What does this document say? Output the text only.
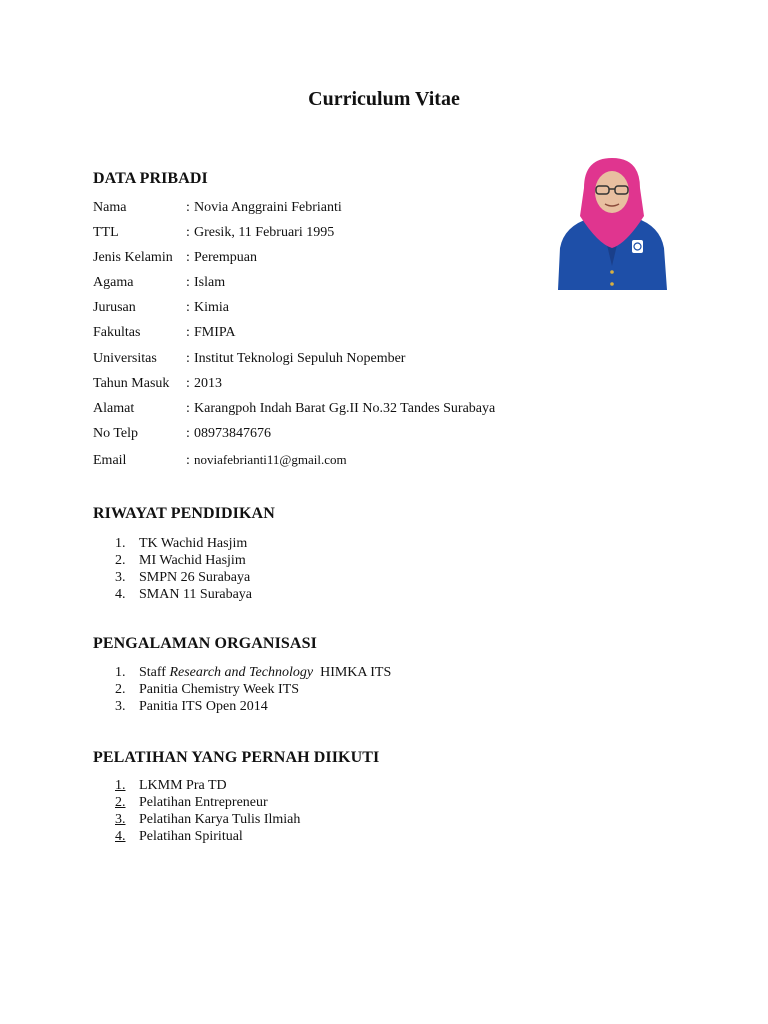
Curriculum Vitae
DATA PRIBADI
Nama	: Novia Anggraini Febrianti
TTL	: Gresik, 11 Februari 1995
Jenis Kelamin : Perempuan
Agama	: Islam
Jurusan	: Kimia
Fakultas	: FMIPA
Universitas : Institut Teknologi Sepuluh Nopember
Tahun Masuk : 2013
Alamat	: Karangpoh Indah Barat Gg.II No.32 Tandes Surabaya
No Telp	: 08973847676
Email	: noviafebrianti11@gmail.com
RIWAYAT PENDIDIKAN
1. TK Wachid Hasjim
2. MI Wachid Hasjim
3. SMPN 26 Surabaya
4. SMAN 11 Surabaya
PENGALAMAN ORGANISASI
1. Staff Research and Technology  HIMKA ITS
2. Panitia Chemistry Week ITS
3. Panitia ITS Open 2014
PELATIHAN YANG PERNAH DIIKUTI
1. LKMM Pra TD
2. Pelatihan Entrepreneur
3. Pelatihan Karya Tulis Ilmiah
4. Pelatihan Spiritual
